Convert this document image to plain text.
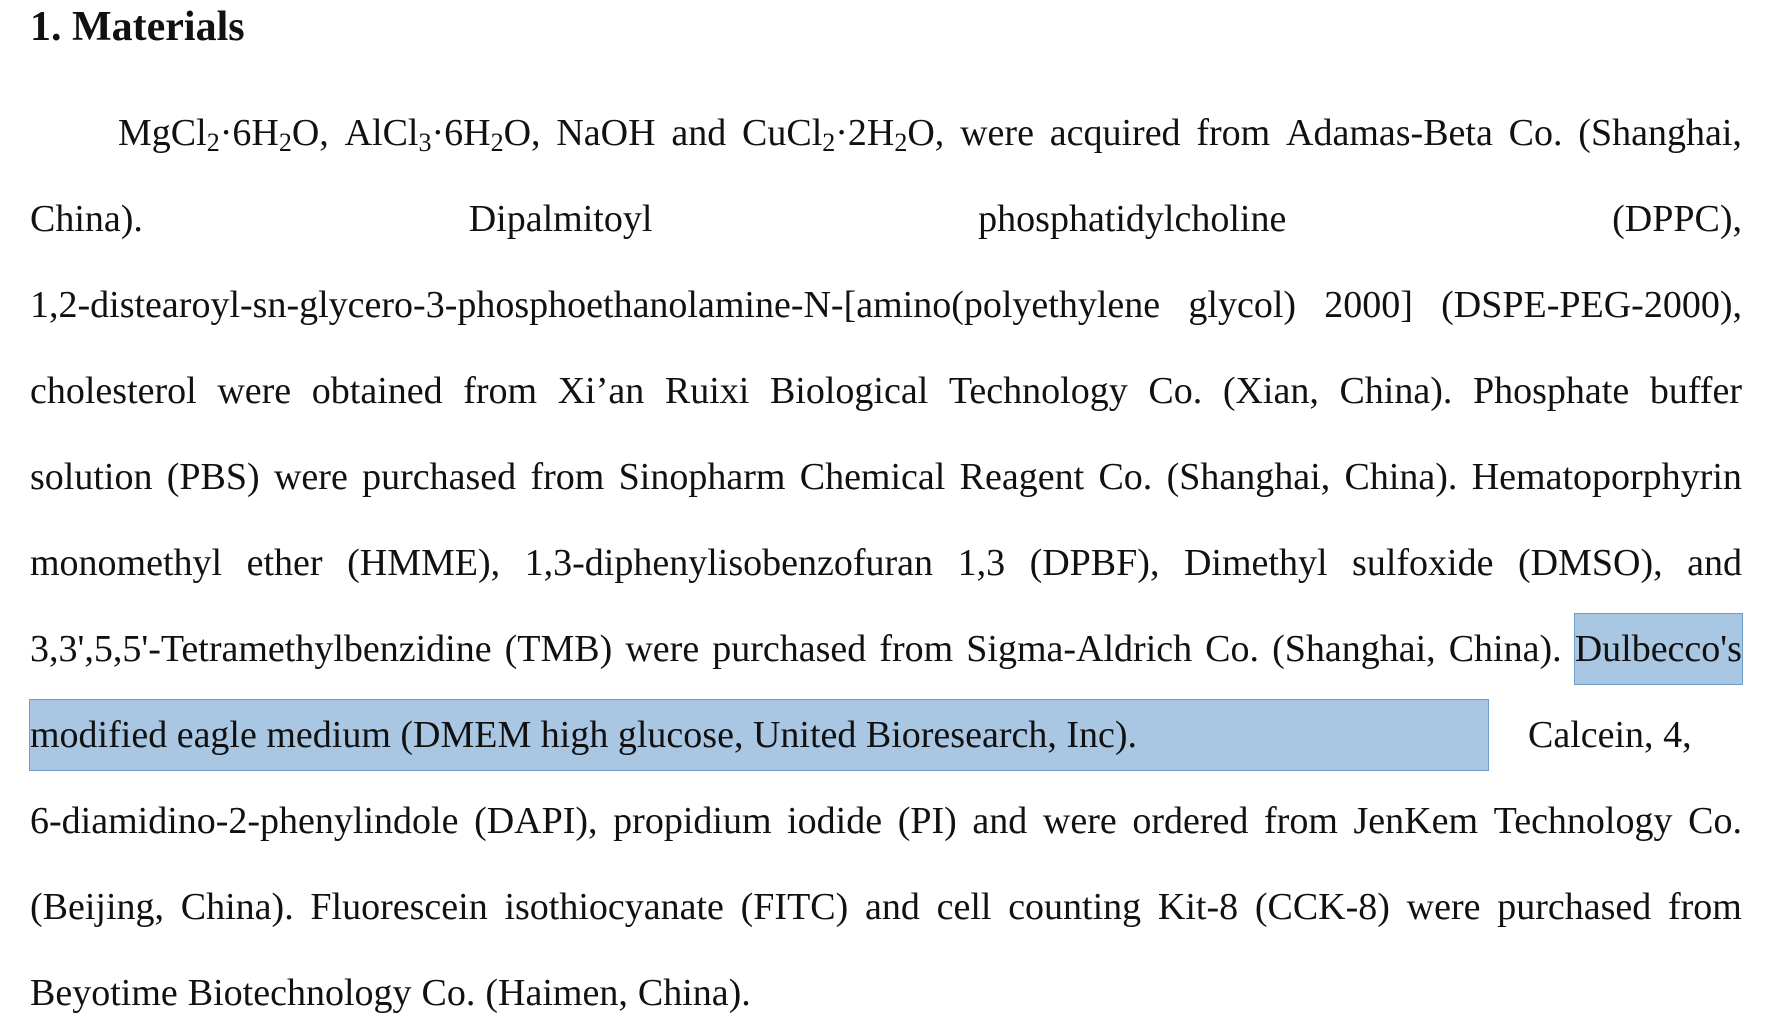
1. Materials
$MgCl_2\cdot 6H_2O$, $AlCl_3\cdot 6H_2O$, NaOH and $CuCl_2\cdot 2H_2O$, were acquired from Adamas-Beta Co. (Shanghai,
China).	Dipalmitoyl	phosphatidylcholine	(DPPC),
1,2-distearoyl-sn-glycero-3-phosphoethanolamine-N-[amino(polyethylene glycol) 2000] (DSPE-PEG-2000),
cholesterol were obtained from Xi’an Ruixi Biological Technology Co. (Xian, China). Phosphate buffer
solution (PBS) were purchased from Sinopharm Chemical Reagent Co. (Shanghai, China). Hematoporphyrin
monomethyl ether (HMME), 1,3-diphenylisobenzofuran 1,3 (DPBF), Dimethyl sulfoxide (DMSO), and
3,3',5,5'-Tetramethylbenzidine (TMB) were purchased from Sigma-Aldrich Co. (Shanghai, China). Dulbecco's
modified eagle medium (DMEM high glucose, United Bioresearch, Inc).	Calcein, 4,
6-diamidino-2-phenylindole (DAPI), propidium iodide (PI) and were ordered from JenKem Technology Co.
(Beijing, China). Fluorescein isothiocyanate (FITC) and cell counting Kit-8 (CCK-8) were purchased from
Beyotime Biotechnology Co. (Haimen, China).
